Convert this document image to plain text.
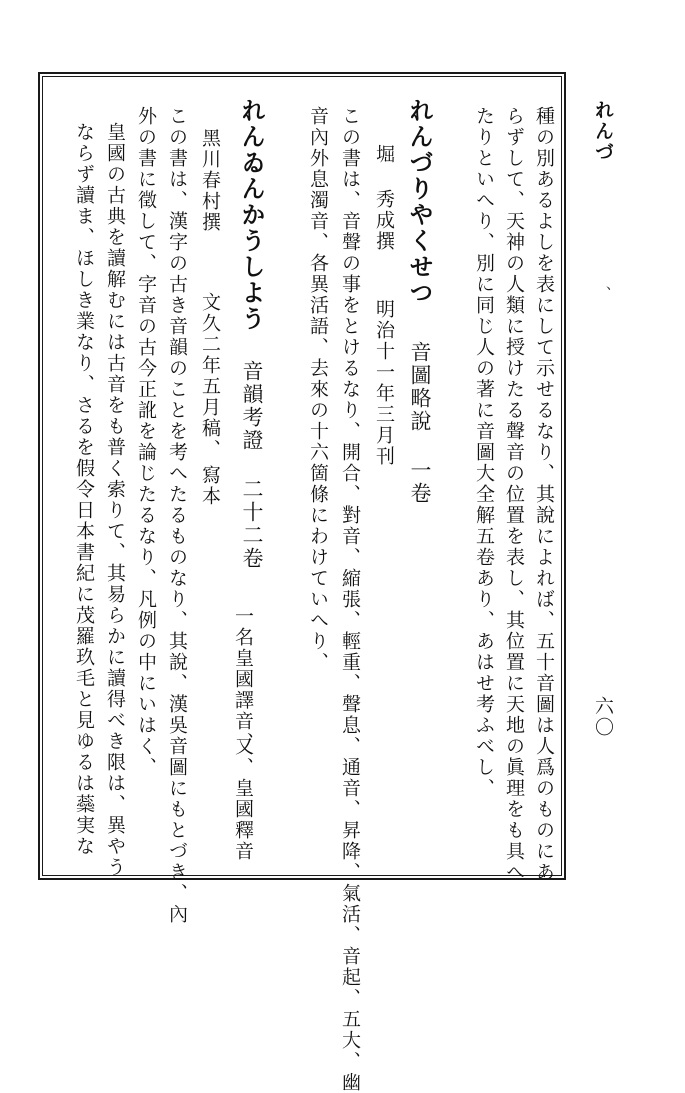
れんづ
六〇
、
種の別あるよしを表にして示せるなり、其說によれば、五十音圖は人爲のものにあ
らずして、天神の人類に授けたる聲音の位置を表し、其位置に天地の眞理をも具へ
たりといへり、別に同じ人の著に音圖大全解五卷あり、あはせ考ふべし、
れんづりやくせつ
音圖略說 一卷
堀 秀成撰
明治十一年三月刊
この書は、音聲の事をとけるなり、開合、對音、縮張、輕重、聲息、通音、昇降、氣活、音起、五大、幽
音內外息濁音、各異活語、去來の十六箇條にわけていへり、
れんゐんかうしよう
音韻考證 二十二卷
一名皇國譯音、
又、皇國釋音
黑川春村撰
文久二年五月稿、
寫本
この書は、漢字の古き音韻のことを考へたるものなり、其說、漢吳音圖にもとづき、內
外の書に徵して、字音の古今正訛を論じたるなり、凡例の中にいはく、
皇國の古典を讀解むには古音をも普く索りて、其易らかに讀得べき限は、異やう
ならず讀ま、ほしき業なり、さるを假令日本書紀に茂羅玖毛と見ゆるは蘂実な
